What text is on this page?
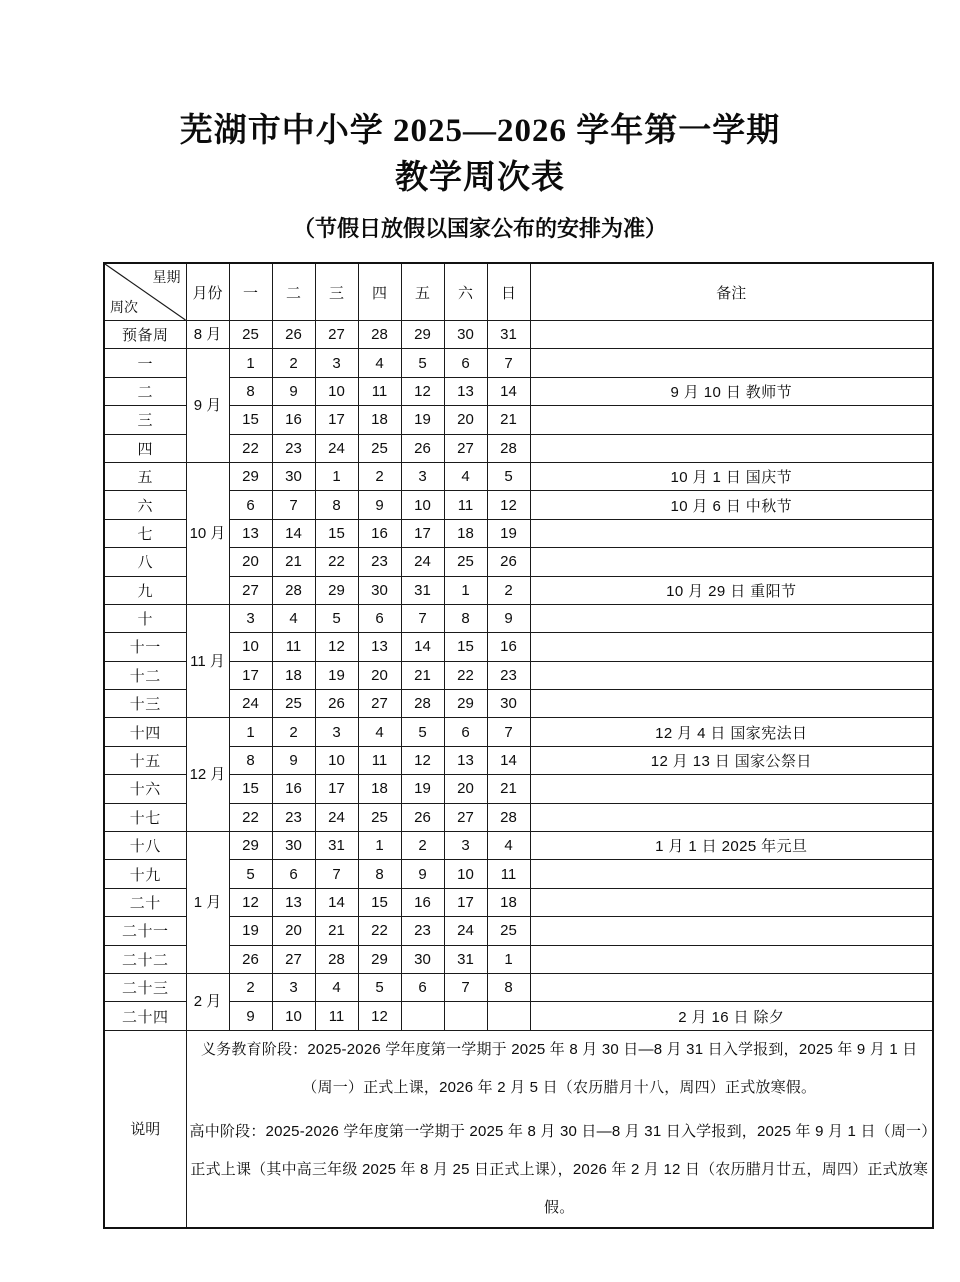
芜湖市中小学 2025—2026 学年第一学期
教学周次表
（节假日放假以国家公布的安排为准）
星期
周次	月份	一	二	三	四	五	六	日	备注
预备周	8 月	25	26	27	28	29	30	31	
一	9 月	1	2	3	4	5	6	7	
二		8	9	10	11	12	13	14	9 月 10 日 教师节
三		15	16	17	18	19	20	21	
四		22	23	24	25	26	27	28	
五	10 月	29	30	1	2	3	4	5	10 月 1 日 国庆节
六		6	7	8	9	10	11	12	10 月 6 日 中秋节
七		13	14	15	16	17	18	19	
八		20	21	22	23	24	25	26	
九		27	28	29	30	31	1	2	10 月 29 日 重阳节
十	11 月	3	4	5	6	7	8	9	
十一		10	11	12	13	14	15	16	
十二		17	18	19	20	21	22	23	
十三		24	25	26	27	28	29	30	
十四	12 月	1	2	3	4	5	6	7	12 月 4 日 国家宪法日
十五		8	9	10	11	12	13	14	12 月 13 日 国家公祭日
十六		15	16	17	18	19	20	21	
十七		22	23	24	25	26	27	28	
十八	1 月	29	30	31	1	2	3	4	1 月 1 日 2025 年元旦
十九		5	6	7	8	9	10	11	
二十		12	13	14	15	16	17	18	
二十一		19	20	21	22	23	24	25	
二十二		26	27	28	29	30	31	1	
二十三	2 月	2	3	4	5	6	7	8	
二十四		9	10	11	12				2 月 16 日 除夕
说明	义务教育阶段：2025-2026 学年度第一学期于 2025 年 8 月 30 日—8 月 31 日入学报到，2025 年 9 月 1 日（周一）正式上课，2026 年 2 月 5 日（农历腊月十八，周四）正式放寒假。

高中阶段：2025-2026 学年度第一学期于 2025 年 8 月 30 日—8 月 31 日入学报到，2025 年 9 月 1 日（周一）正式上课（其中高三年级 2025 年 8 月 25 日正式上课），2026 年 2 月 12 日（农历腊月廿五，周四）正式放寒假。								
